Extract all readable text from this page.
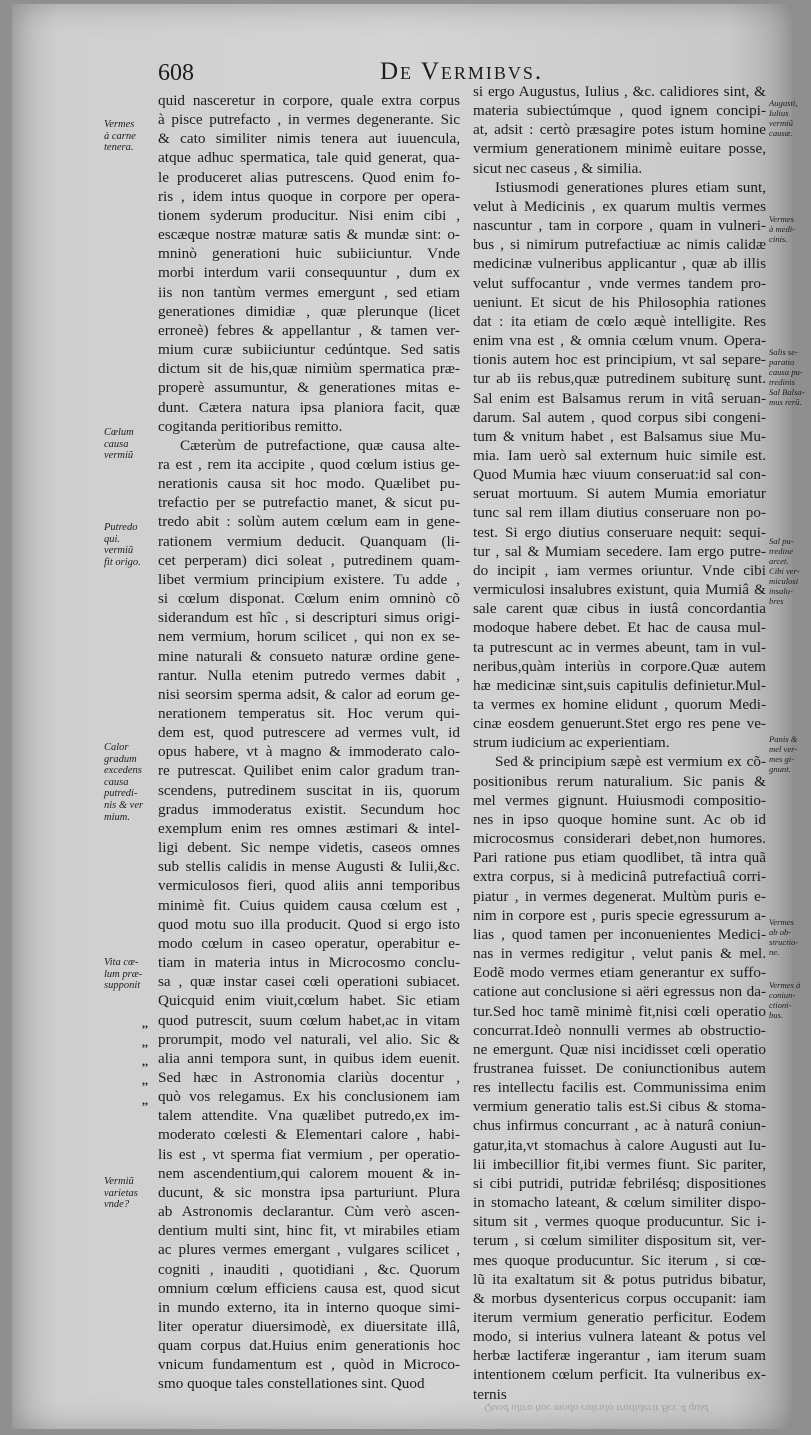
608	De Vermibvs.
quid nasceretur in corpore, quale extra corpus
à pisce putrefacto , in vermes degenerante. Sic
& cato similiter nimis tenera aut iuuencula,
atque adhuc spermatica, tale quid generat, qua-
le produceret alias putrescens. Quod enim fo-
ris , idem intus quoque in corpore per opera-
tionem syderum producitur. Nisi enim cibi ,
escæque nostræ maturæ satis & mundæ sint: o-
mninò generationi huic subiiciuntur. Vnde
morbi interdum varii consequuntur , dum ex
iis non tantùm vermes emergunt , sed etiam
generationes dimidiæ , quæ plerunque (licet
erroneè) febres & appellantur , & tamen ver-
mium curæ subiiciuntur cedúntque. Sed satis
dictum sit de his,quæ nimiùm spermatica præ-
properè assumuntur, & generationes mitas e-
dunt. Cætera natura ipsa planiora facit, quæ
cogitanda peritioribus remitto.
Cæterùm de putrefactione, quæ causa alte-
ra est , rem ita accipite , quod cœlum istius ge-
nerationis causa sit hoc modo. Quælibet pu-
trefactio per se putrefactio manet, & sicut pu-
tredo abit : solùm autem cœlum eam in gene-
rationem vermium deducit. Quanquam (li-
cet perperam) dici soleat , putredinem quam-
libet vermium principium existere. Tu adde ,
si cœlum disponat. Cœlum enim omninò cõ
siderandum est hîc , si descripturi simus origi-
nem vermium, horum scilicet , qui non ex se-
mine naturali & consueto naturæ ordine gene-
rantur. Nulla etenim putredo vermes dabit ,
nisi seorsim sperma adsit, & calor ad eorum ge-
nerationem temperatus sit. Hoc verum qui-
dem est, quod putrescere ad vermes vult, id
opus habere, vt à magno & immoderato calo-
re putrescat. Quilibet enim calor gradum tran-
scendens, putredinem suscitat in iis, quorum
gradus immoderatus existit. Secundum hoc
exemplum enim res omnes æstimari & intel-
ligi debent. Sic nempe videtis, caseos omnes
sub stellis calidis in mense Augusti & Iulii,&c.
vermiculosos fieri, quod aliis anni temporibus
minimè fit. Cuius quidem causa cœlum est ,
quod motu suo illa producit. Quod si ergo isto
modo cœlum in caseo operatur, operabitur e-
tiam in materia intus in Microcosmo conclu-
sa , quæ instar casei cœli operationi subiacet.
Quicquid enim viuit,cœlum habet. Sic etiam
quod putrescit, suum cœlum habet,ac in vitam
prorumpit, modo vel naturali, vel alio. Sic &
alia anni tempora sunt, in quibus idem euenit.
Sed hæc in Astronomia clariùs docentur ,
quò vos relegamus. Ex his conclusionem iam
talem attendite. Vna quælibet putredo,ex im-
moderato cœlesti & Elementari calore , habi-
lis est , vt sperma fiat vermium , per operatio-
nem ascendentium,qui calorem mouent & in-
ducunt, & sic monstra ipsa parturiunt. Plura
ab Astronomis declarantur. Cùm verò ascen-
dentium multi sint, hinc fit, vt mirabiles etiam
ac plures vermes emergant , vulgares scilicet ,
cogniti , inauditi , quotidiani , &c. Quorum
omnium cœlum efficiens causa est, quod sicut
in mundo externo, ita in interno quoque simi-
liter operatur diuersimodè, ex diuersitate illâ,
quam corpus dat.Huius enim generationis hoc
vnicum fundamentum est , quòd in Microco-
smo quoque tales constellationes sint. Quod
si ergo Augustus, Iulius , &c. calidiores sint, &
materia subiectúmque , quod ignem concipi-
at, adsit : certò præsagire potes istum homine
vermium generationem minimè euitare posse,
sicut nec caseus , & similia.
Istiusmodi generationes plures etiam sunt,
velut à Medicinis , ex quarum multis vermes
nascuntur , tam in corpore , quam in vulneri-
bus , si nimirum putrefactiuæ ac nimis calidæ
medicinæ vulneribus applicantur , quæ ab illis
velut suffocantur , vnde vermes tandem pro-
ueniunt. Et sicut de his Philosophia rationes
dat : ita etiam de cœlo æquè intelligite. Res
enim vna est , & omnia cœlum vnum. Opera-
tionis autem hoc est principium, vt sal separe-
tur ab iis rebus,quæ putredinem subiturę sunt.
Sal enim est Balsamus rerum in vitâ seruan-
darum. Sal autem , quod corpus sibi congeni-
tum & vnitum habet , est Balsamus siue Mu-
mia. Iam uerò sal externum huic simile est.
Quod Mumia hæc viuum conseruat:id sal con-
seruat mortuum. Si autem Mumia emoriatur
tunc sal rem illam diutius conseruare non po-
test. Si ergo diutius conseruare nequit: sequi-
tur , sal & Mumiam secedere. Iam ergo putre-
do incipit , iam vermes oriuntur. Vnde cibi
vermiculosi insalubres existunt, quia Mumiâ &
sale carent quæ cibus in iustâ concordantia
modoque habere debet. Et hac de causa mul-
ta putrescunt ac in vermes abeunt, tam in vul-
neribus,quàm interiùs in corpore.Quæ autem
hæ medicinæ sint,suis capitulis definietur.Mul-
ta vermes ex homine elidunt , quorum Medi-
cinæ eosdem genuerunt.Stet ergo res pene ve-
strum iudicium ac experientiam.
Sed & principium sæpè est vermium ex cõ-
positionibus rerum naturalium. Sic panis &
mel vermes gignunt. Huiusmodi compositio-
nes in ipso quoque homine sunt. Ac ob id
microcosmus considerari debet,non humores.
Pari ratione pus etiam quodlibet, tã intra quã
extra corpus, si à medicinâ putrefactiuâ corri-
piatur , in vermes degenerat. Multùm puris e-
nim in corpore est , puris specie egressurum a-
lias , quod tamen per inconuenientes Medici-
nas in vermes redigitur , velut panis & mel.
Eodẽ modo vermes etiam generantur ex suffo-
catione aut conclusione si aëri egressus non da-
tur.Sed hoc tamẽ minimè fit,nisi cœli operatio
concurrat.Ideò nonnulli vermes ab obstructio-
ne emergunt. Quæ nisi incidisset cœli operatio
frustranea fuisset. De coniunctionibus autem
res intellectu facilis est. Communissima enim
vermium generatio talis est.Si cibus & stoma-
chus infirmus concurrant , ac à naturâ coniun-
gatur,ita,vt stomachus à calore Augusti aut Iu-
lii imbecillior fit,ibi vermes fiunt. Sic pariter,
si cibi putridi, putridæ febrilésq; dispositiones
in stomacho lateant, & cœlum similiter dispo-
situm sit , vermes quoque producuntur. Sic i-
terum , si cœlum similiter dispositum sit, ver-
mes quoque producuntur. Sic iterum , si cœ-
lũ ita exaltatum sit & potus putridus bibatur,
& morbus dysentericus corpus occupanit: iam
iterum vermium generatio perficitur. Eodem
modo, si interius vulnera lateant & potus vel
herbæ lactiferæ ingerantur , iam iterum suam
intentionem cœlum perficit. Ita vulneribus ex-
ternis
Vermes
à carne
tenera.
Cœlum
causa
vermiũ
Putredo
qui.
vermiũ
fit origo.
Calor
gradum
excedens
causa
putredi-
nis & ver
mium.
Vita cœ-
lum præ-
supponit
Vermiũ
varietas
vnde?
Augusti,
Iulius
vermiũ
causæ.
Vermes
à medi-
cinis.
Salis se-
paratio
causa pu-
tredinis
Sal Balsa-
mus rerũ.
Sal pu-
tredine
arcet.
Cibi ver-
miculosi
insalu-
bres
Panis &
mel ver-
mes gi-
gnunt.
Vermes
ab ob-
structio-
ne.
Vermes à
coniun-
ctioni-
bus.
,,
,,
,,
,,
,,
Quod ultra hoc modo calculo tradiderit Bcc 4 quid
